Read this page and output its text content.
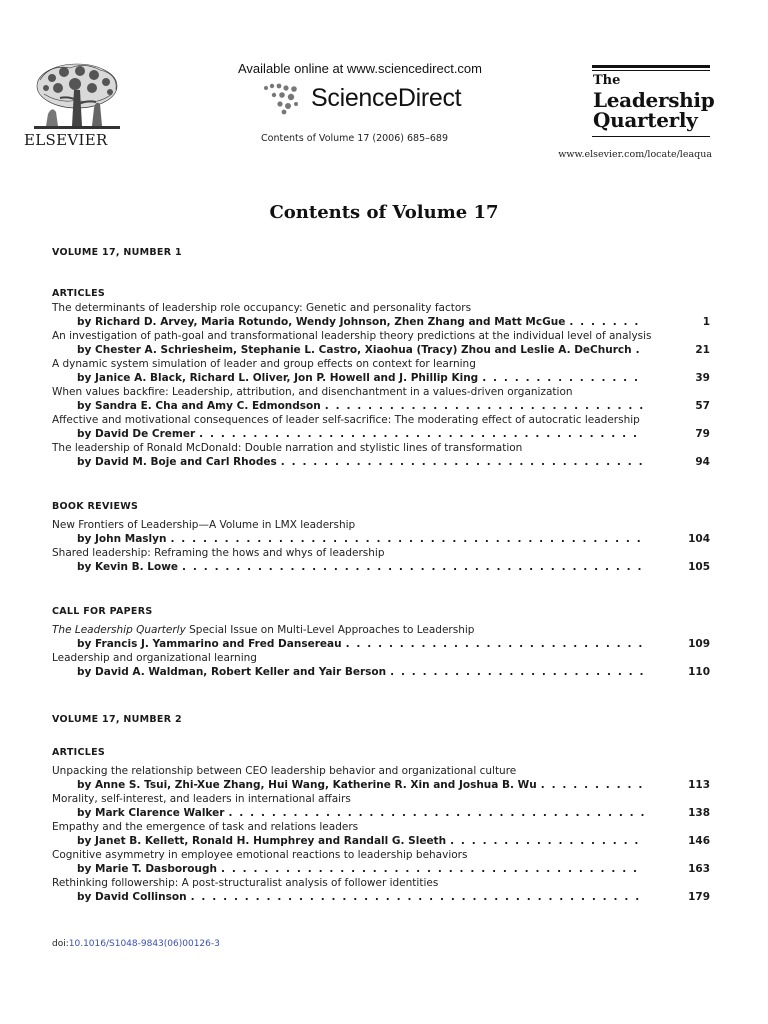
ELSEVIER
Available online at www.sciencedirect.com
ScienceDirect
Contents of Volume 17 (2006) 685–689
The
Leadership
Quarterly
www.elsevier.com/locate/leaqua
Contents of Volume 17
VOLUME 17, NUMBER 1
ARTICLES
The determinants of leadership role occupancy: Genetic and personality factors
by Richard D. Arvey, Maria Rotundo, Wendy Johnson, Zhen Zhang and Matt McGue . . .	1
An investigation of path-goal and transformational leadership theory predictions at the individual level of analysis
by Chester A. Schriesheim, Stephanie L. Castro, Xiaohua (Tracy) Zhou and Leslie A. DeChurch . . .	21
A dynamic system simulation of leader and group effects on context for learning
by Janice A. Black, Richard L. Oliver, Jon P. Howell and J. Phillip King . . .	39
When values backfire: Leadership, attribution, and disenchantment in a values-driven organization
by Sandra E. Cha and Amy C. Edmondson . . .	57
Affective and motivational consequences of leader self-sacrifice: The moderating effect of autocratic leadership
by David De Cremer . . .	79
The leadership of Ronald McDonald: Double narration and stylistic lines of transformation
by David M. Boje and Carl Rhodes . . .	94
BOOK REVIEWS
New Frontiers of Leadership—A Volume in LMX leadership
by John Maslyn . . .	104
Shared leadership: Reframing the hows and whys of leadership
by Kevin B. Lowe . . .	105
CALL FOR PAPERS
The Leadership Quarterly Special Issue on Multi-Level Approaches to Leadership
by Francis J. Yammarino and Fred Dansereau . . .	109
Leadership and organizational learning
by David A. Waldman, Robert Keller and Yair Berson . . .	110
VOLUME 17, NUMBER 2
ARTICLES
Unpacking the relationship between CEO leadership behavior and organizational culture
by Anne S. Tsui, Zhi-Xue Zhang, Hui Wang, Katherine R. Xin and Joshua B. Wu . . .	113
Morality, self-interest, and leaders in international affairs
by Mark Clarence Walker . . .	138
Empathy and the emergence of task and relations leaders
by Janet B. Kellett, Ronald H. Humphrey and Randall G. Sleeth . . .	146
Cognitive asymmetry in employee emotional reactions to leadership behaviors
by Marie T. Dasborough . . .	163
Rethinking followership: A post-structuralist analysis of follower identities
by David Collinson . . .	179
doi:10.1016/S1048-9843(06)00126-3
